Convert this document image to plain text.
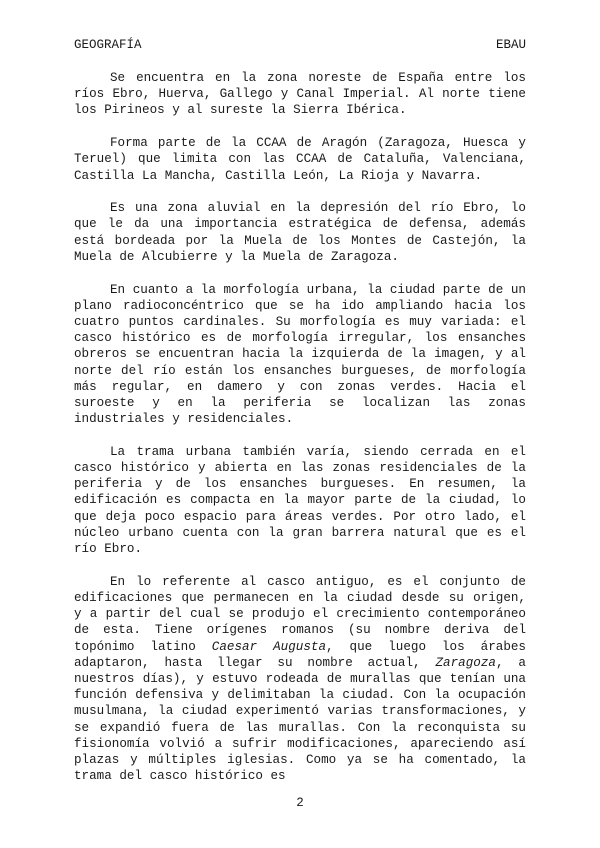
GEOGRAFÍA	EBAU

Se encuentra en la zona noreste de España entre los ríos Ebro, Huerva, Gallego y Canal Imperial. Al norte tiene los Pirineos y al sureste la Sierra Ibérica.

Forma parte de la CCAA de Aragón (Zaragoza, Huesca y Teruel) que limita con las CCAA de Cataluña, Valenciana, Castilla La Mancha, Castilla León, La Rioja y Navarra.

Es una zona aluvial en la depresión del río Ebro, lo que le da una importancia estratégica de defensa, además está bordeada por la Muela de los Montes de Castejón, la Muela de Alcubierre y la Muela de Zaragoza.

En cuanto a la morfología urbana, la ciudad parte de un plano radioconcéntrico que se ha ido ampliando hacia los cuatro puntos cardinales. Su morfología es muy variada: el casco histórico es de morfología irregular, los ensanches obreros se encuentran hacia la izquierda de la imagen, y al norte del río están los ensanches burgueses, de morfología más regular, en damero y con zonas verdes. Hacia el suroeste y en la periferia se localizan las zonas industriales y residenciales.

La trama urbana también varía, siendo cerrada en el casco histórico y abierta en las zonas residenciales de la periferia y de los ensanches burgueses. En resumen, la edificación es compacta en la mayor parte de la ciudad, lo que deja poco espacio para áreas verdes. Por otro lado, el núcleo urbano cuenta con la gran barrera natural que es el río Ebro.

En lo referente al casco antiguo, es el conjunto de edificaciones que permanecen en la ciudad desde su origen, y a partir del cual se produjo el crecimiento contemporáneo de esta. Tiene orígenes romanos (su nombre deriva del topónimo latino Caesar Augusta, que luego los árabes adaptaron, hasta llegar su nombre actual, Zaragoza, a nuestros días), y estuvo rodeada de murallas que tenían una función defensiva y delimitaban la ciudad. Con la ocupación musulmana, la ciudad experimentó varias transformaciones, y se expandió fuera de las murallas. Con la reconquista su fisionomía volvió a sufrir modificaciones, apareciendo así plazas y múltiples iglesias. Como ya se ha comentado, la trama del casco histórico es

2
